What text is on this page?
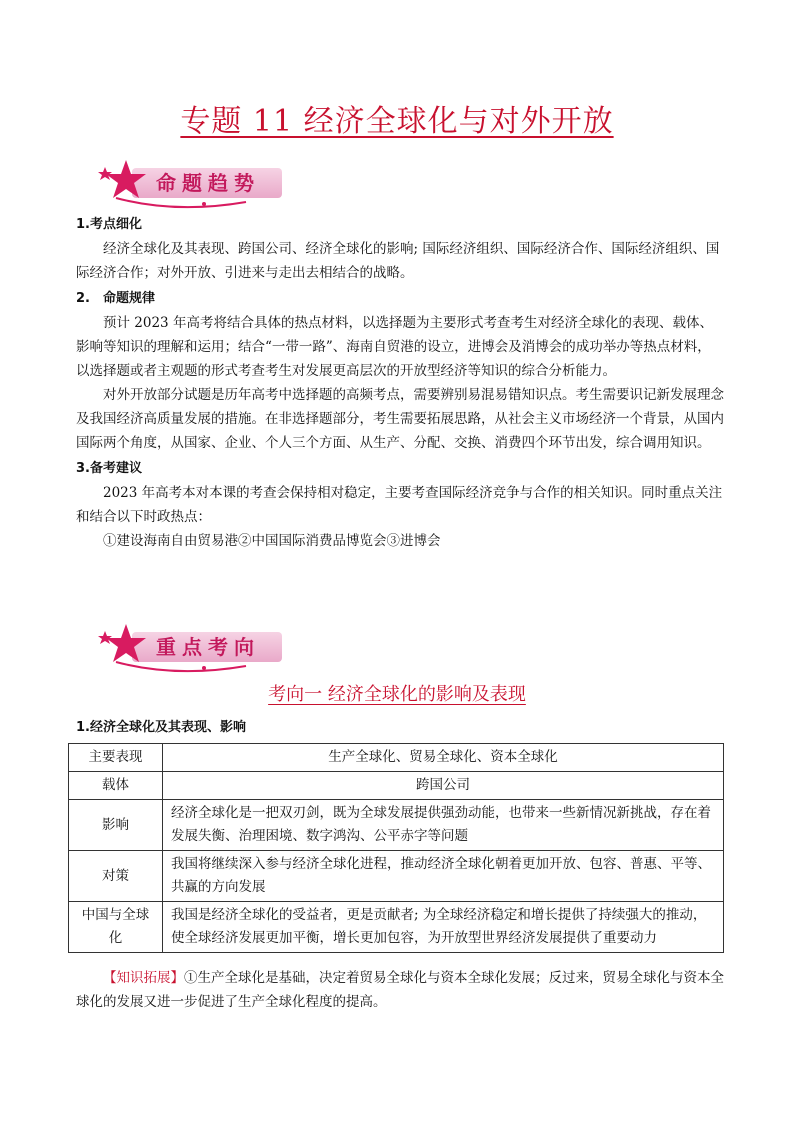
专题 11 经济全球化与对外开放
命题趋势

1.考点细化

经济全球化及其表现、跨国公司、经济全球化的影响; 国际经济组织、国际经济合作、国际经济组织、国际经济合作；对外开放、引进来与走出去相结合的战略。

2.　命题规律

预计 2023 年高考将结合具体的热点材料，以选择题为主要形式考查考生对经济全球化的表现、载体、影响等知识的理解和运用；结合“一带一路”、海南自贸港的设立，进博会及消博会的成功举办等热点材料，以选择题或者主观题的形式考查考生对发展更高层次的开放型经济等知识的综合分析能力。

对外开放部分试题是历年高考中选择题的高频考点，需要辨别易混易错知识点。考生需要识记新发展理念及我国经济高质量发展的措施。在非选择题部分，考生需要拓展思路，从社会主义市场经济一个背景，从国内国际两个角度，从国家、企业、个人三个方面、从生产、分配、交换、消费四个环节出发，综合调用知识。

3.备考建议

2023 年高考本对本课的考查会保持相对稳定，主要考查国际经济竞争与合作的相关知识。同时重点关注和结合以下时政热点：

①建设海南自由贸易港②中国国际消费品博览会③进博会

重点考向
考向一 经济全球化的影响及表现
1.经济全球化及其表现、影响
主要表现	生产全球化、贸易全球化、资本全球化
载体	跨国公司
影响	经济全球化是一把双刃剑，既为全球发展提供强劲动能，也带来一些新情况新挑战，存在着发展失衡、治理困境、数字鸿沟、公平赤字等问题
对策	我国将继续深入参与经济全球化进程，推动经济全球化朝着更加开放、包容、普惠、平等、共赢的方向发展
中国与全球化	我国是经济全球化的受益者，更是贡献者; 为全球经济稳定和增长提供了持续强大的推动，使全球经济发展更加平衡，增长更加包容，为开放型世界经济发展提供了重要动力

【知识拓展】①生产全球化是基础，决定着贸易全球化与资本全球化发展；反过来，贸易全球化与资本全球化的发展又进一步促进了生产全球化程度的提高。
